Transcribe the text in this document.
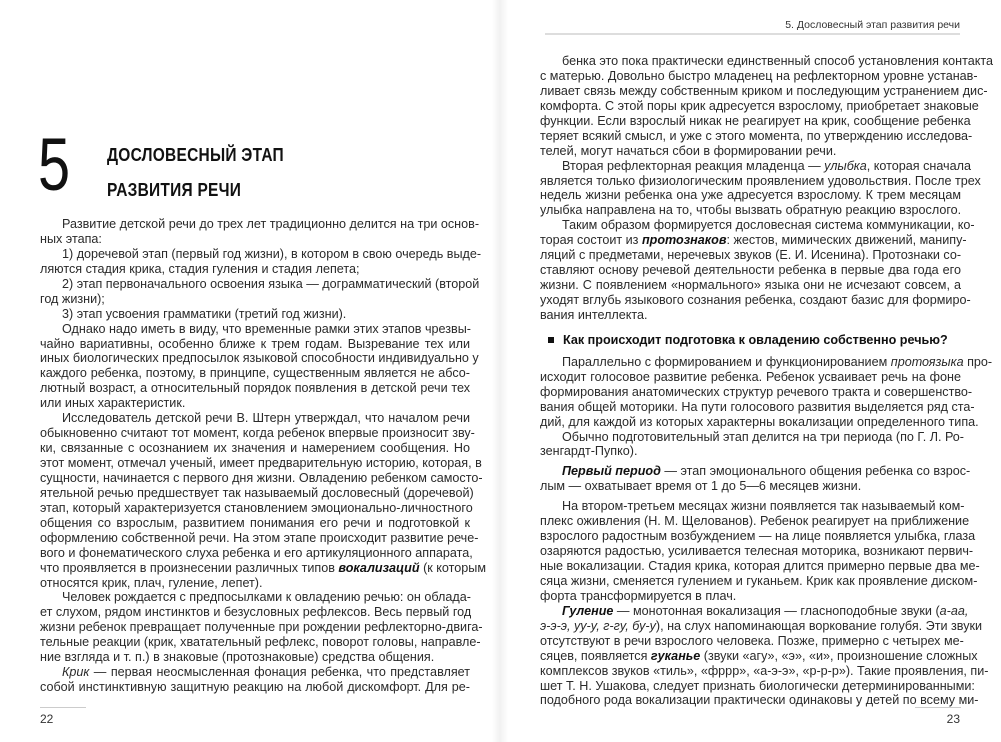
5 ДОСЛОВЕСНЫЙ ЭТАП
РАЗВИТИЯ РЕЧИ
Развитие детской речи до трех лет традиционно делится на три основ-
ных этапа:
1) доречевой этап (первый год жизни), в котором в свою очередь выде-
ляются стадия крика, стадия гуления и стадия лепета;
2) этап первоначального освоения языка — дограмматический (второй
год жизни);
3) этап усвоения грамматики (третий год жизни).
Однако надо иметь в виду, что временные рамки этих этапов чрезвы-
чайно вариативны, особенно ближе к трем годам. Вызревание тех или
иных биологических предпосылок языковой способности индивидуально у
каждого ребенка, поэтому, в принципе, существенным является не абсо-
лютный возраст, а относительный порядок появления в детской речи тех
или иных характеристик.
Исследователь детской речи В. Штерн утверждал, что началом речи
обыкновенно считают тот момент, когда ребенок впервые произносит зву-
ки, связанные с осознанием их значения и намерением сообщения. Но
этот момент, отмечал ученый, имеет предварительную историю, которая, в
сущности, начинается с первого дня жизни. Овладению ребенком самосто-
ятельной речью предшествует так называемый дословесный (доречевой)
этап, который характеризуется становлением эмоционально-личностного
общения со взрослым, развитием понимания его речи и подготовкой к
оформлению собственной речи. На этом этапе происходит развитие рече-
вого и фонематического слуха ребенка и его артикуляционного аппарата,
что проявляется в произнесении различных типов вокализаций (к которым
относятся крик, плач, гуление, лепет).
Человек рождается с предпосылками к овладению речью: он облада-
ет слухом, рядом инстинктов и безусловных рефлексов. Весь первый год
жизни ребенок превращает полученные при рождении рефлекторно-двига-
тельные реакции (крик, хватательный рефлекс, поворот головы, направле-
ние взгляда и т. п.) в знаковые (протознаковые) средства общения.
Крик — первая неосмысленная фонация ребенка, что представляет
собой инстинктивную защитную реакцию на любой дискомфорт. Для ре-
22
5. Дословесный этап развития речи
бенка это пока практически единственный способ установления контакта
с матерью. Довольно быстро младенец на рефлекторном уровне устанав-
ливает связь между собственным криком и последующим устранением дис-
комфорта. С этой поры крик адресуется взрослому, приобретает знаковые
функции. Если взрослый никак не реагирует на крик, сообщение ребенка
теряет всякий смысл, и уже с этого момента, по утверждению исследова-
телей, могут начаться сбои в формировании речи.
Вторая рефлекторная реакция младенца — улыбка, которая сначала
является только физиологическим проявлением удовольствия. После трех
недель жизни ребенка она уже адресуется взрослому. К трем месяцам
улыбка направлена на то, чтобы вызвать обратную реакцию взрослого.
Таким образом формируется дословесная система коммуникации, ко-
торая состоит из протознаков: жестов, мимических движений, манипу-
ляций с предметами, неречевых звуков (Е. И. Исенина). Протознаки со-
ставляют основу речевой деятельности ребенка в первые два года его
жизни. С появлением «нормального» языка они не исчезают совсем, а
уходят вглубь языкового сознания ребенка, создают базис для формиро-
вания интеллекта.
Как происходит подготовка к овладению собственно речью?
Параллельно с формированием и функционированием протоязыка про-
исходит голосовое развитие ребенка. Ребенок усваивает речь на фоне
формирования анатомических структур речевого тракта и совершенство-
вания общей моторики. На пути голосового развития выделяется ряд ста-
дий, для каждой из которых характерны вокализации определенного типа.
Обычно подготовительный этап делится на три периода (по Г. Л. Ро-
зенгардт-Пупко).
Первый период — этап эмоционального общения ребенка со взрос-
лым — охватывает время от 1 до 5—6 месяцев жизни.
На втором-третьем месяцах жизни появляется так называемый ком-
плекс оживления (Н. М. Щелованов). Ребенок реагирует на приближение
взрослого радостным возбуждением — на лице появляется улыбка, глаза
озаряются радостью, усиливается телесная моторика, возникают первич-
ные вокализации. Стадия крика, которая длится примерно первые два ме-
сяца жизни, сменяется гулением и гуканьем. Крик как проявление диском-
форта трансформируется в плач.
Гуление — монотонная вокализация — гласноподобные звуки (а-аа,
э-э-э, уу-у, г-гу, бу-у), на слух напоминающая воркование голубя. Эти звуки
отсутствуют в речи взрослого человека. Позже, примерно с четырех ме-
сяцев, появляется гуканье (звуки «агу», «э», «и», произношение сложных
комплексов звуков «тиль», «фррр», «а-э-э», «р-р-р»). Такие проявления, пи-
шет Т. Н. Ушакова, следует признать биологически детерминированными:
подобного рода вокализации практически одинаковы у детей по всему ми-
23
